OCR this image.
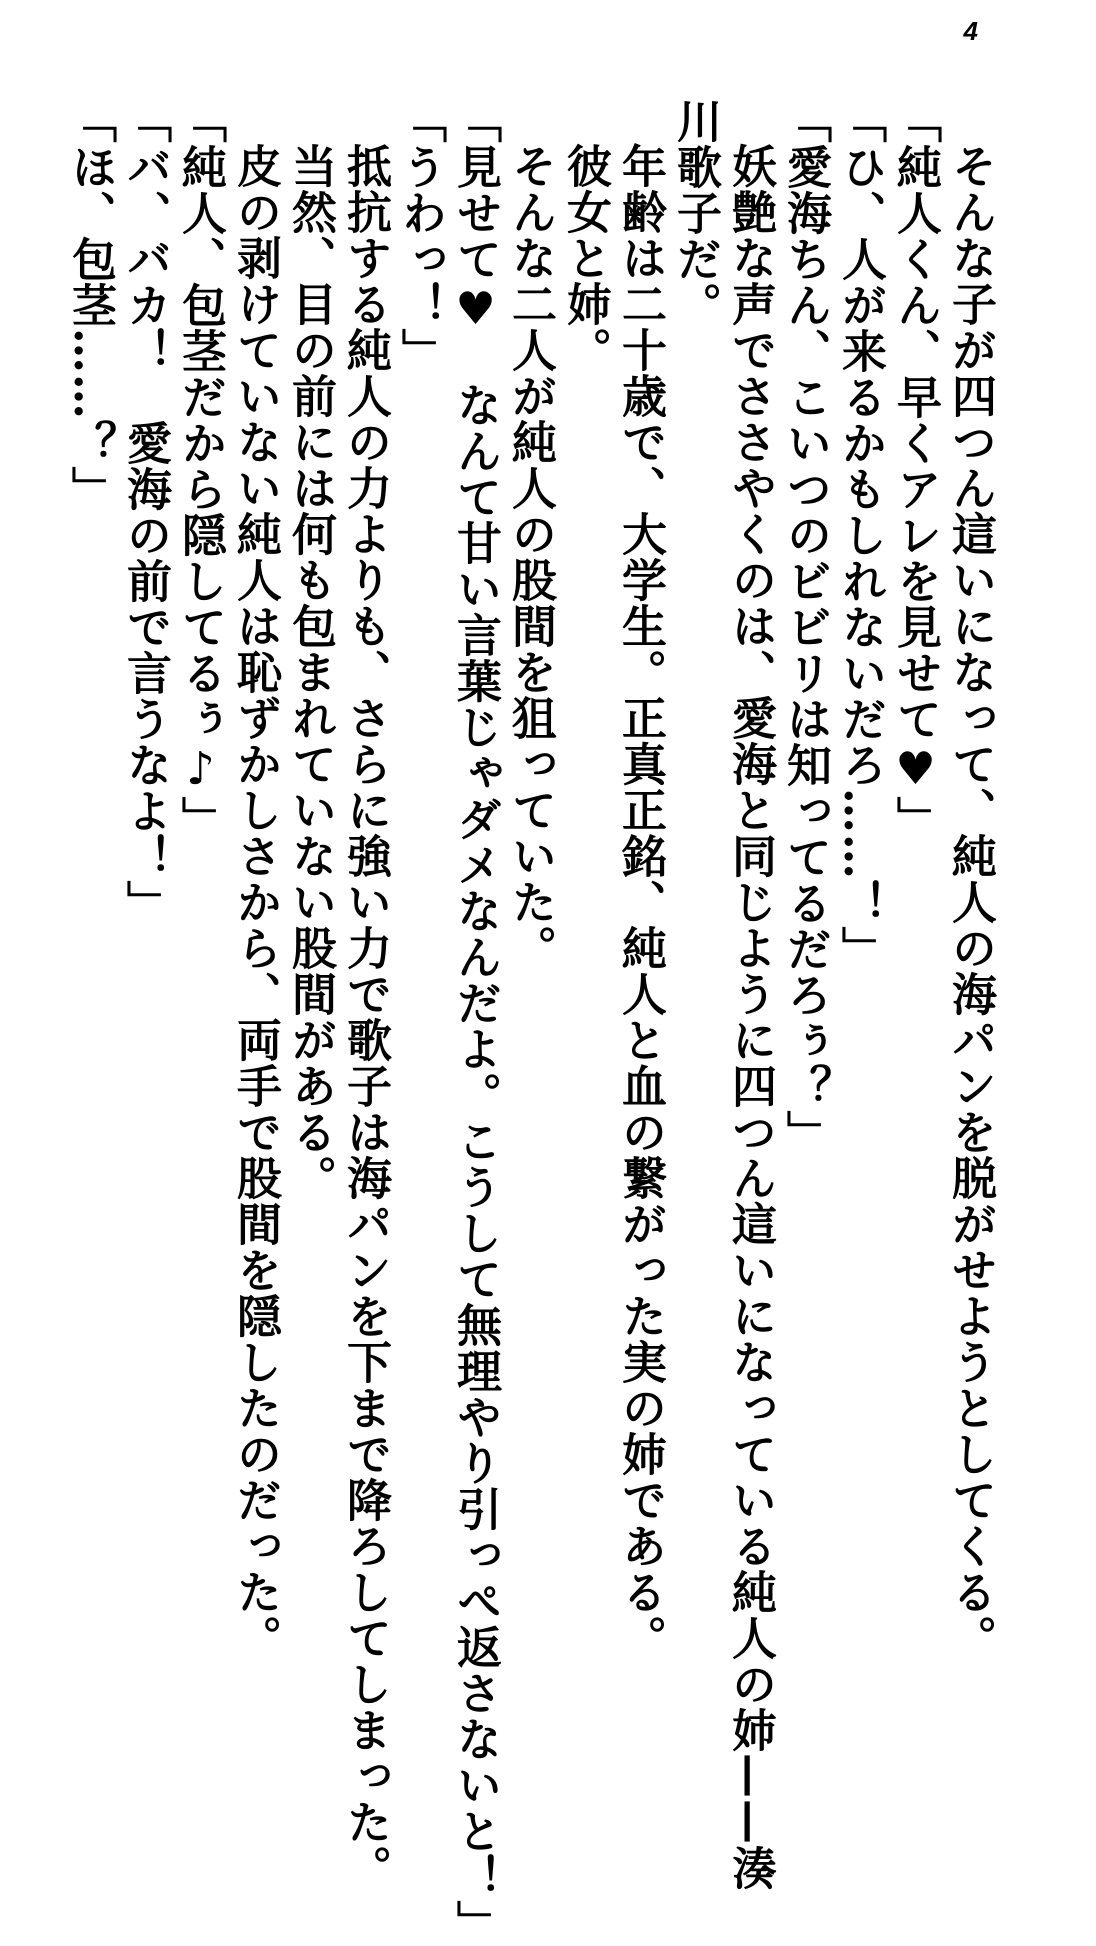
4
そんな子が四つん這いになって、純人の海パンを脱がせようとしてくる。
「純人くん、早くアレを見せて♥」
「ひ、人が来るかもしれないだろ……！」
「愛海ちん、こいつのビビリは知ってるだろぅ？」
妖艶な声でささやくのは、愛海と同じように四つん這いになっている純人の姉——湊
川歌子だ。
年齢は二十歳で、大学生。正真正銘、純人と血の繋がった実の姉である。
彼女と姉。
そんな二人が純人の股間を狙っていた。
「見せて♥　なんて甘い言葉じゃダメなんだよ。こうして無理やり引っぺ返さないと！」
「うわっ！」
抵抗する純人の力よりも、さらに強い力で歌子は海パンを下まで降ろしてしまった。
当然、目の前には何も包まれていない股間がある。
皮の剥けていない純人は恥ずかしさから、両手で股間を隠したのだった。
「純人、包茎だから隠してるぅ♪」
「バ、バカ！　愛海の前で言うなよ！」
「ほ、包茎……？」
